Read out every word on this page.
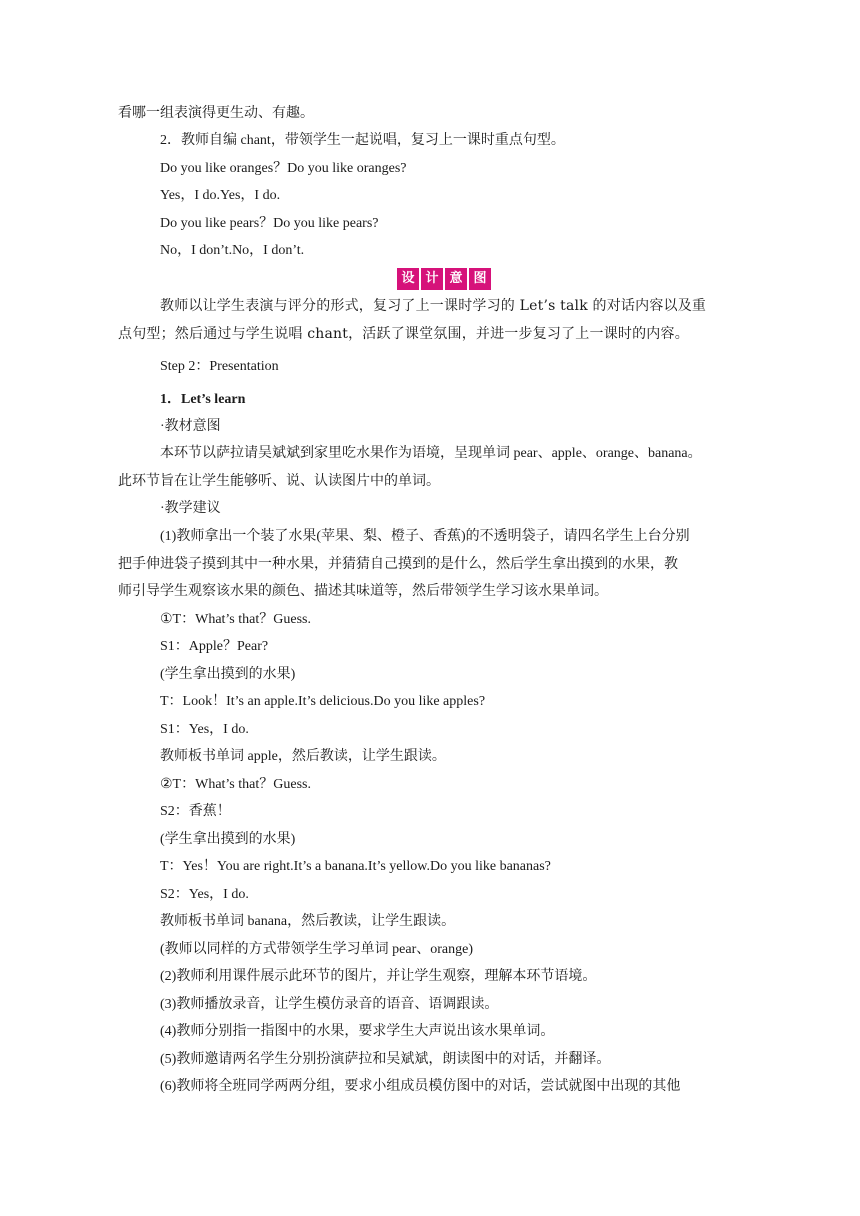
看哪一组表演得更生动、有趣。
2．教师自编 chant，带领学生一起说唱，复习上一课时重点句型。
Do you like oranges？Do you like oranges?
Yes，I do.Yes，I do.
Do you like pears？Do you like pears?
No，I don’t.No，I don’t.
设 计 意 图
教师以让学生表演与评分的形式，复习了上一课时学习的 Let’s talk 的对话内容以及重
点句型；然后通过与学生说唱 chant，活跃了课堂氛围，并进一步复习了上一课时的内容。
Step 2：Presentation
1．Let’s learn
·教材意图
本环节以萨拉请吴斌斌到家里吃水果作为语境，呈现单词 pear、apple、orange、banana。
此环节旨在让学生能够听、说、认读图片中的单词。
·教学建议
(1)教师拿出一个装了水果(苹果、梨、橙子、香蕉)的不透明袋子，请四名学生上台分别
把手伸进袋子摸到其中一种水果，并猜猜自己摸到的是什么，然后学生拿出摸到的水果，教
师引导学生观察该水果的颜色、描述其味道等，然后带领学生学习该水果单词。
①T：What’s that？Guess.
S1：Apple？Pear?
(学生拿出摸到的水果)
T：Look！It’s an apple.It’s delicious.Do you like apples?
S1：Yes，I do.
教师板书单词 apple，然后教读，让学生跟读。
②T：What’s that？Guess.
S2：香蕉！
(学生拿出摸到的水果)
T：Yes！You are right.It’s a banana.It’s yellow.Do you like bananas?
S2：Yes，I do.
教师板书单词 banana，然后教读，让学生跟读。
(教师以同样的方式带领学生学习单词 pear、orange)
(2)教师利用课件展示此环节的图片，并让学生观察，理解本环节语境。
(3)教师播放录音，让学生模仿录音的语音、语调跟读。
(4)教师分别指一指图中的水果，要求学生大声说出该水果单词。
(5)教师邀请两名学生分别扮演萨拉和吴斌斌，朗读图中的对话，并翻译。
(6)教师将全班同学两两分组，要求小组成员模仿图中的对话，尝试就图中出现的其他
